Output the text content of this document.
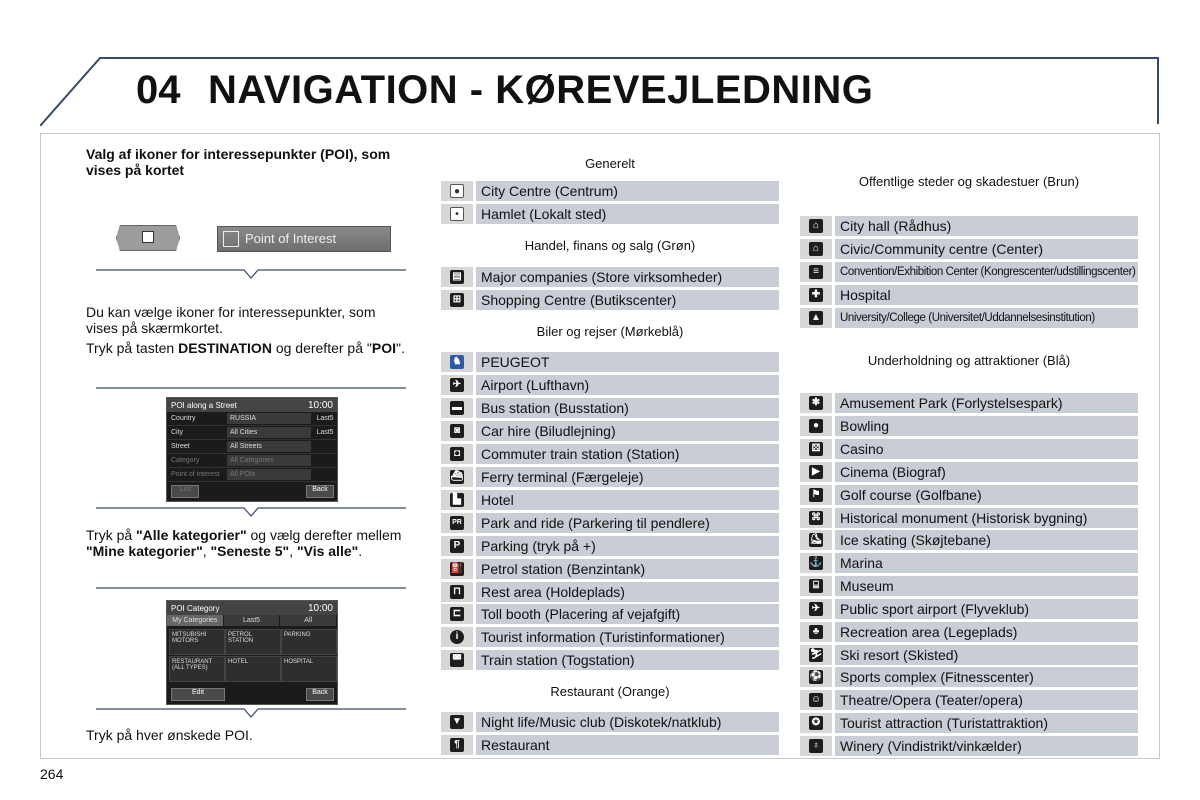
04 NAVIGATION - KØREVEJLEDNING
Valg af ikoner for interessepunkter (POI), som vises på kortet
Point of Interest
Du kan vælge ikoner for interessepunkter, som vises på skærmkortet.
Tryk på tasten DESTINATION og derefter på "POI".
POI along a Street	10:00
Country	RUSSIA	Last5
City	All Cities	Last5
Street	All Streets
Category	All Categories
Point of interest	All POIs
List	Back
Tryk på "Alle kategorier" og vælg derefter mellem "Mine kategorier", "Seneste 5", "Vis alle".
POI Category	10:00
My Categories	Last5	All
MITSUBISHI MOTORS
PETROL STATION
PARKING
RESTAURANT (ALL TYPES)
HOTEL	HOSPITAL
Edit	Back
Tryk på hver ønskede POI.
264
Generelt
●	City Centre (Centrum)
•	Hamlet (Lokalt sted)
Handel, finans og salg (Grøn)
▤	Major companies (Store virksomheder)
⊞	Shopping Centre (Butikscenter)
Biler og rejser (Mørkeblå)
♞	PEUGEOT
✈	Airport (Lufthavn)
▬	Bus station (Busstation)
◙	Car hire (Biludlejning)
◘	Commuter train station (Station)
⛴	Ferry terminal (Færgeleje)
▙	Hotel
PR	Park and ride (Parkering til pendlere)
P	Parking (tryk på +)
⛽	Petrol station (Benzintank)
⊓	Rest area (Holdeplads)
⊏	Toll booth (Placering af vejafgift)
i	Tourist information (Turistinformationer)
◚	Train station (Togstation)
Restaurant (Orange)
▼	Night life/Music club (Diskotek/natklub)
¶	Restaurant
Offentlige steder og skadestuer (Brun)
⌂	City hall (Rådhus)
⌂	Civic/Community centre (Center)
≡	Convention/Exhibition Center (Kongrescenter/udstillingscenter)
✚	Hospital
▲	University/College (Universitet/Uddannelsesinstitution)
Underholdning og attraktioner (Blå)
✱	Amusement Park (Forlystelsespark)
●	Bowling
⚄	Casino
▶	Cinema (Biograf)
⚑	Golf course (Golfbane)
⌘	Historical monument (Historisk bygning)
⛸	Ice skating (Skøjtebane)
⚓	Marina
⌸	Museum
✈	Public sport airport (Flyveklub)
♣	Recreation area (Legeplads)
⛷	Ski resort (Skisted)
⚽	Sports complex (Fitnesscenter)
☺	Theatre/Opera (Teater/opera)
✪	Tourist attraction (Turistattraktion)
♁	Winery (Vindistrikt/vinkælder)
